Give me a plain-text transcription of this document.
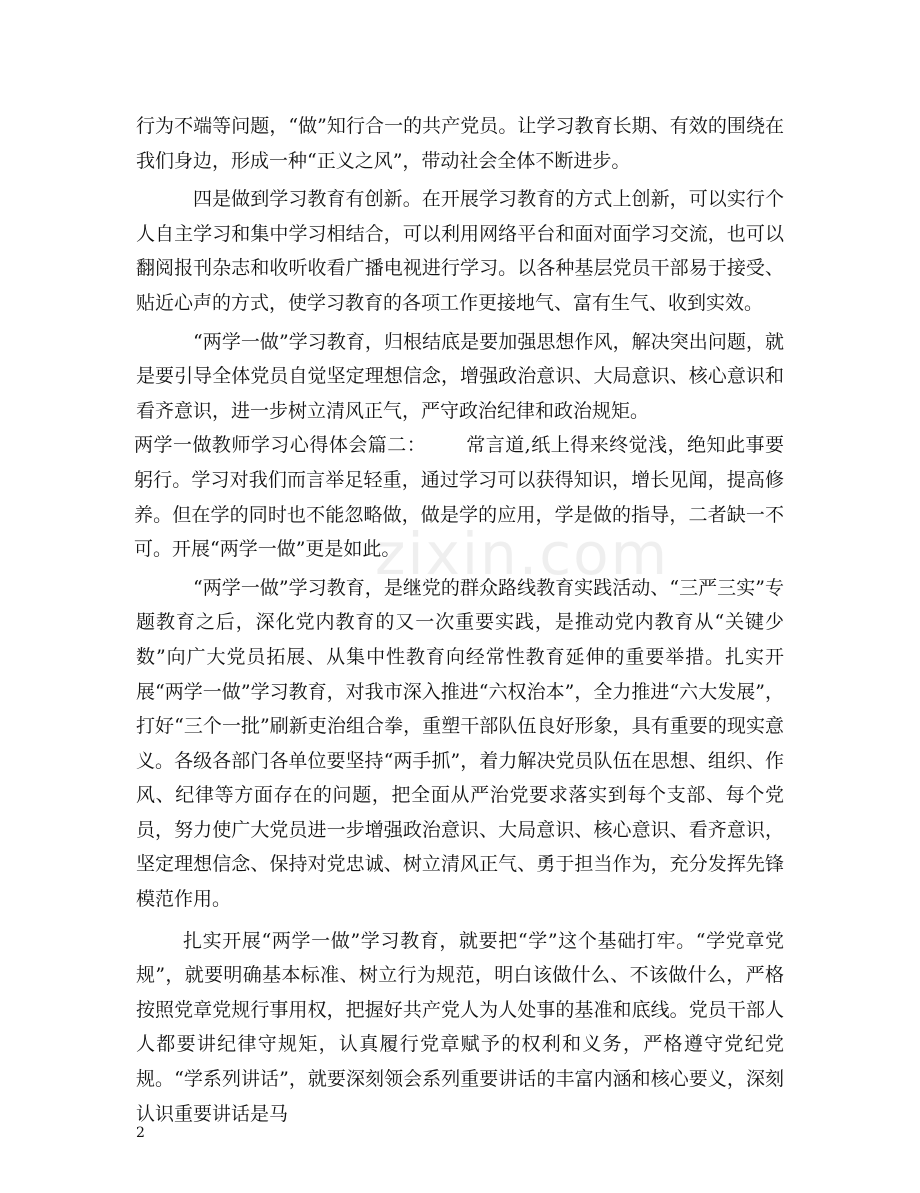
zixin.com

行为不端等问题，“做”知行合一的共产党员。让学习教育长期、有效的围绕在我们身边，形成一种“正义之风”，带动社会全体不断进步。

四是做到学习教育有创新。在开展学习教育的方式上创新，可以实行个人自主学习和集中学习相结合，可以利用网络平台和面对面学习交流，也可以翻阅报刊杂志和收听收看广播电视进行学习。以各种基层党员干部易于接受、贴近心声的方式，使学习教育的各项工作更接地气、富有生气、收到实效。

“两学一做”学习教育，归根结底是要加强思想作风，解决突出问题，就是要引导全体党员自觉坚定理想信念，增强政治意识、大局意识、核心意识和看齐意识，进一步树立清风正气，严守政治纪律和政治规矩。

两学一做教师学习心得体会篇二： 常言道,纸上得来终觉浅，绝知此事要躬行。学习对我们而言举足轻重，通过学习可以获得知识，增长见闻，提高修养。但在学的同时也不能忽略做，做是学的应用，学是做的指导，二者缺一不可。开展“两学一做”更是如此。

“两学一做”学习教育，是继党的群众路线教育实践活动、“三严三实”专题教育之后，深化党内教育的又一次重要实践，是推动党内教育从“关键少数”向广大党员拓展、从集中性教育向经常性教育延伸的重要举措。扎实开展“两学一做”学习教育，对我市深入推进“六权治本”，全力推进“六大发展”，打好“三个一批”刷新吏治组合拳，重塑干部队伍良好形象，具有重要的现实意义。各级各部门各单位要坚持“两手抓”，着力解决党员队伍在思想、组织、作风、纪律等方面存在的问题，把全面从严治党要求落实到每个支部、每个党员，努力使广大党员进一步增强政治意识、大局意识、核心意识、看齐意识，坚定理想信念、保持对党忠诚、树立清风正气、勇于担当作为，充分发挥先锋模范作用。

扎实开展“两学一做”学习教育，就要把“学”这个基础打牢。“学党章党规”，就要明确基本标准、树立行为规范，明白该做什么、不该做什么，严格按照党章党规行事用权，把握好共产党人为人处事的基准和底线。党员干部人人都要讲纪律守规矩，认真履行党章赋予的权利和义务，严格遵守党纪党规。“学系列讲话”，就要深刻领会系列重要讲话的丰富内涵和核心要义，深刻认识重要讲话是马

2
